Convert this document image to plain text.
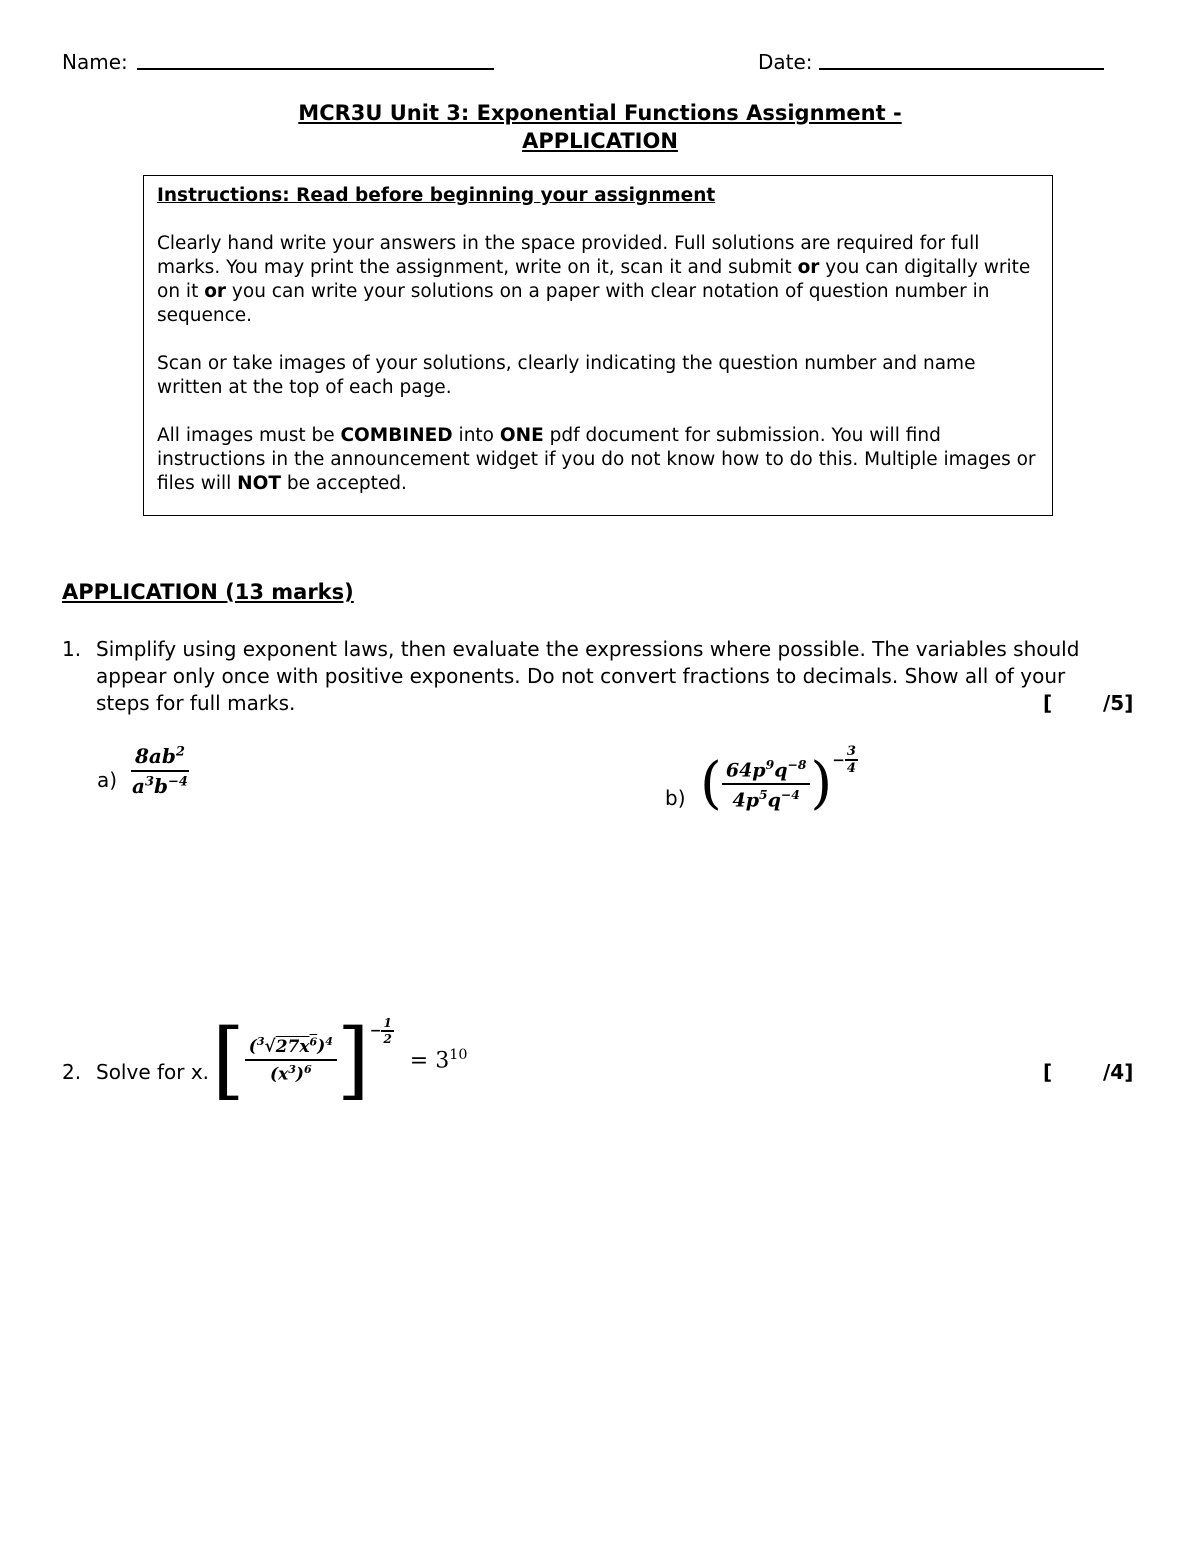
Name:	Date:
MCR3U Unit 3: Exponential Functions Assignment -
APPLICATION
Instructions: Read before beginning your assignment
Clearly hand write your answers in the space provided. Full solutions are required for full marks. You may print the assignment, write on it, scan it and submit or you can digitally write on it or you can write your solutions on a paper with clear notation of question number in sequence.
Scan or take images of your solutions, clearly indicating the question number and name written at the top of each page.
All images must be COMBINED into ONE pdf document for submission. You will find instructions in the announcement widget if you do not know how to do this. Multiple images or files will NOT be accepted.
APPLICATION (13 marks)
1. Simplify using exponent laws, then evaluate the expressions where possible. The variables should appear only once with positive exponents. Do not convert fractions to decimals. Show all of your steps for full marks.	[	/5]
$a) \frac{8ab^2}{a^3b^{-4}}$	b) ( $\frac{64p^9q^{-8}}{4p^5q^{-4}}$ ) − $\frac{3}{4}$
2. Solve for x. [ $\frac{(^3√27x^6)^4}{(x^3)^6}$ ] − $\frac{1}{2}$
= $3^{10}$
[	/4]
